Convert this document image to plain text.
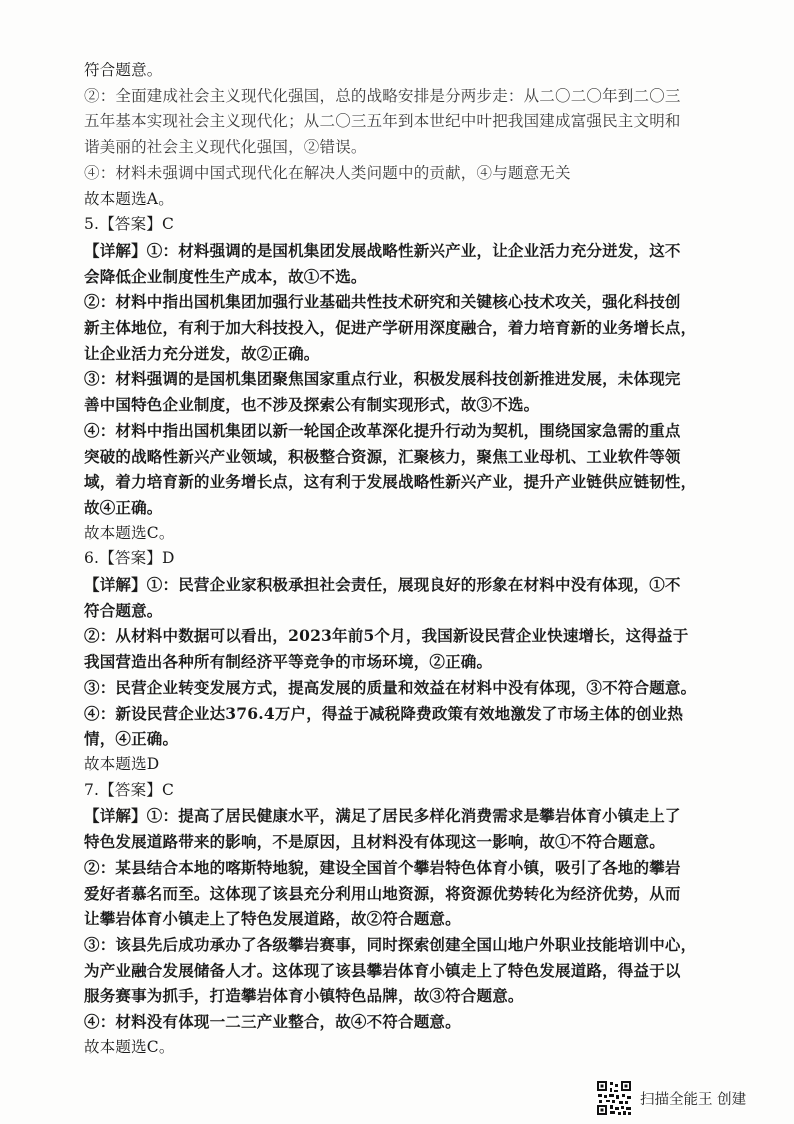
符合题意。
②：全面建成社会主义现代化强国，总的战略安排是分两步走：从二〇二〇年到二〇三
五年基本实现社会主义现代化；从二〇三五年到本世纪中叶把我国建成富强民主文明和
谐美丽的社会主义现代化强国，②错误。
④：材料未强调中国式现代化在解决人类问题中的贡献，④与题意无关
故本题选A。
5.【答案】C
【详解】①：材料强调的是国机集团发展战略性新兴产业，让企业活力充分迸发，这不
会降低企业制度性生产成本，故①不选。
②：材料中指出国机集团加强行业基础共性技术研究和关键核心技术攻关，强化科技创
新主体地位，有利于加大科技投入，促进产学研用深度融合，着力培育新的业务增长点，
让企业活力充分迸发，故②正确。
③：材料强调的是国机集团聚焦国家重点行业，积极发展科技创新推进发展，未体现完
善中国特色企业制度，也不涉及探索公有制实现形式，故③不选。
④：材料中指出国机集团以新一轮国企改革深化提升行动为契机，围绕国家急需的重点
突破的战略性新兴产业领域，积极整合资源，汇聚核力，聚焦工业母机、工业软件等领
域，着力培育新的业务增长点，这有利于发展战略性新兴产业，提升产业链供应链韧性，
故④正确。
故本题选C。
6.【答案】D
【详解】①：民营企业家积极承担社会责任，展现良好的形象在材料中没有体现，①不
符合题意。
②：从材料中数据可以看出，2023年前5个月，我国新设民营企业快速增长，这得益于
我国营造出各种所有制经济平等竞争的市场环境，②正确。
③：民营企业转变发展方式，提高发展的质量和效益在材料中没有体现，③不符合题意。
④：新设民营企业达376.4万户，得益于减税降费政策有效地激发了市场主体的创业热
情，④正确。
故本题选D
7.【答案】C
【详解】①：提高了居民健康水平，满足了居民多样化消费需求是攀岩体育小镇走上了
特色发展道路带来的影响，不是原因，且材料没有体现这一影响，故①不符合题意。
②：某县结合本地的喀斯特地貌，建设全国首个攀岩特色体育小镇，吸引了各地的攀岩
爱好者慕名而至。这体现了该县充分利用山地资源，将资源优势转化为经济优势，从而
让攀岩体育小镇走上了特色发展道路，故②符合题意。
③：该县先后成功承办了各级攀岩赛事，同时探索创建全国山地户外职业技能培训中心，
为产业融合发展储备人才。这体现了该县攀岩体育小镇走上了特色发展道路，得益于以
服务赛事为抓手，打造攀岩体育小镇特色品牌，故③符合题意。
④：材料没有体现一二三产业整合，故④不符合题意。
故本题选C。
扫描全能王 创建
